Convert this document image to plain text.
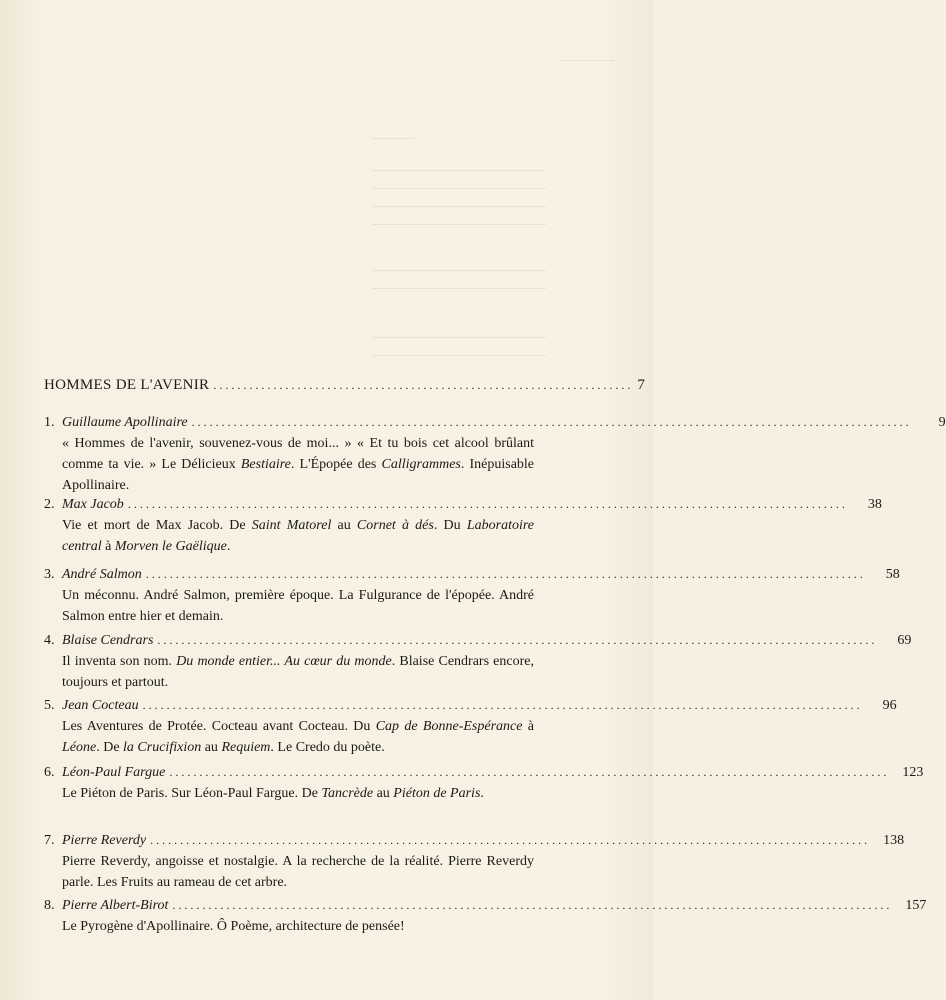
_________
_______
_____________________________
_____________________________
_____________________________
_____________________________
_____________________________
_____________________________
_____________________________
_____________________________
HOMMES DE L'AVENIR ...................................................................... 7
1. Guillaume Apollinaire ........................................................................................................................	9
« Hommes de l'avenir, souvenez-vous de moi... » « Et tu bois cet alcool brûlant comme ta vie. » Le Délicieux Bestiaire. L'Épopée des Calligrammes. Inépuisable Apollinaire.
2. Max Jacob ........................................................................................................................	38
Vie et mort de Max Jacob. De Saint Matorel au Cornet à dés. Du Laboratoire central à Morven le Gaëlique.
3. André Salmon ........................................................................................................................	58
Un méconnu. André Salmon, première époque. La Fulgurance de l'épopée. André Salmon entre hier et demain.
4. Blaise Cendrars ........................................................................................................................	69
Il inventa son nom. Du monde entier... Au cœur du monde. Blaise Cendrars encore, toujours et partout.
5. Jean Cocteau ........................................................................................................................	96
Les Aventures de Protée. Cocteau avant Cocteau. Du Cap de Bonne-Espérance à Léone. De la Crucifixion au Requiem. Le Credo du poète.
6. Léon-Paul Fargue ........................................................................................................................ 123
Le Piéton de Paris. Sur Léon-Paul Fargue. De Tancrède au Piéton de Paris.
7. Pierre Reverdy ........................................................................................................................ 138
Pierre Reverdy, angoisse et nostalgie. A la recherche de la réalité. Pierre Reverdy parle. Les Fruits au rameau de cet arbre.
8. Pierre Albert-Birot ........................................................................................................................ 157
Le Pyrogène d'Apollinaire. Ô Poème, architecture de pensée!
